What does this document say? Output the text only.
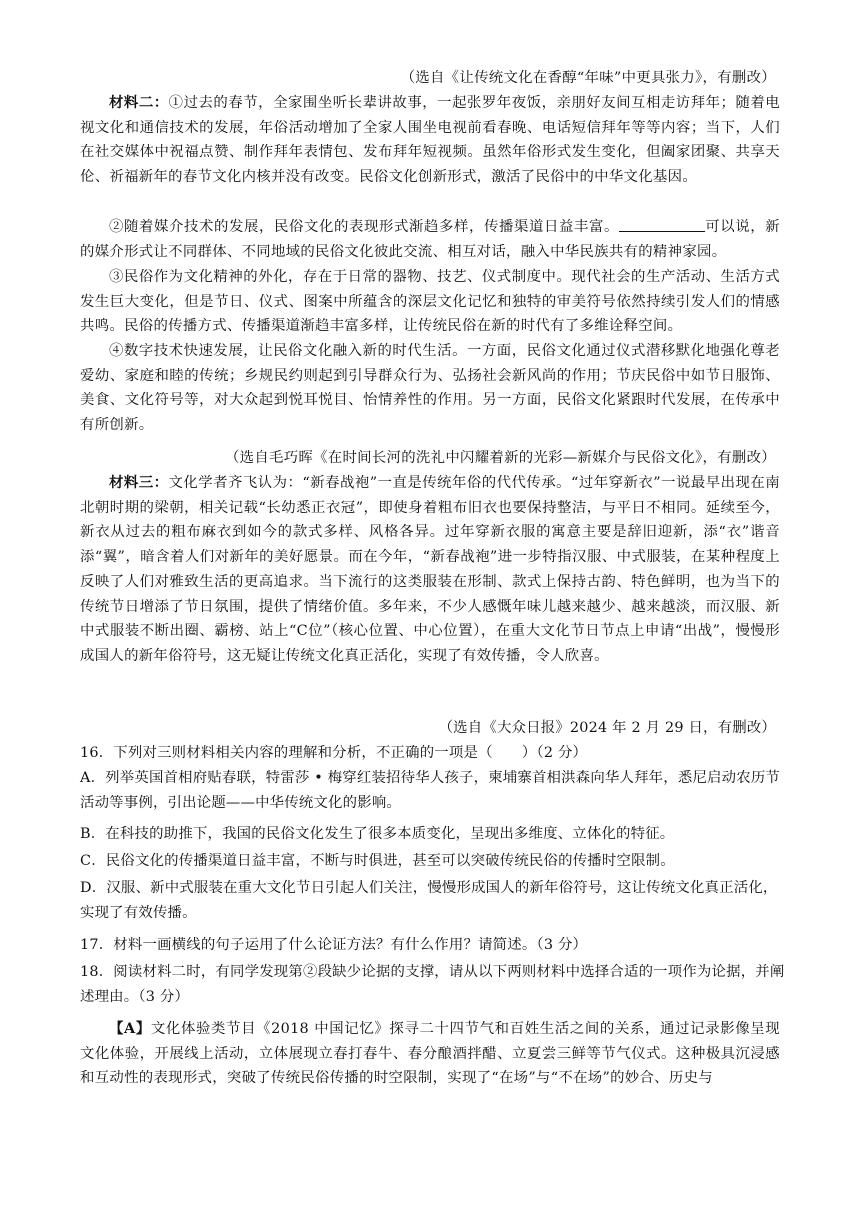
（选自《让传统文化在香醇“年味”中更具张力》，有删改）

材料二：①过去的春节，全家围坐听长辈讲故事，一起张罗年夜饭，亲朋好友间互相走访拜年；随着电视文化和通信技术的发展，年俗活动增加了全家人围坐电视前看春晚、电话短信拜年等等内容；当下，人们在社交媒体中祝福点赞、制作拜年表情包、发布拜年短视频。虽然年俗形式发生变化，但阖家团聚、共享天伦、祈福新年的春节文化内核并没有改变。民俗文化创新形式，激活了民俗中的中华文化基因。

②随着媒介技术的发展，民俗文化的表现形式渐趋多样，传播渠道日益丰富。	可以说，新的媒介形式让不同群体、不同地域的民俗文化彼此交流、相互对话，融入中华民族共有的精神家园。

③民俗作为文化精神的外化，存在于日常的器物、技艺、仪式制度中。现代社会的生产活动、生活方式发生巨大变化，但是节日、仪式、图案中所蕴含的深层文化记忆和独特的审美符号依然持续引发人们的情感共鸣。民俗的传播方式、传播渠道渐趋丰富多样，让传统民俗在新的时代有了多维诠释空间。

④数字技术快速发展，让民俗文化融入新的时代生活。一方面，民俗文化通过仪式潜移默化地强化尊老爱幼、家庭和睦的传统；乡规民约则起到引导群众行为、弘扬社会新风尚的作用；节庆民俗中如节日服饰、美食、文化符号等，对大众起到悦耳悦目、怡情养性的作用。另一方面，民俗文化紧跟时代发展，在传承中有所创新。

（选自毛巧晖《在时间长河的洗礼中闪耀着新的光彩—新媒介与民俗文化》，有删改）

材料三：文化学者齐飞认为：“新春战袍”一直是传统年俗的代代传承。“过年穿新衣”一说最早出现在南北朝时期的梁朝，相关记载“长幼悉正衣冠”，即使身着粗布旧衣也要保持整洁，与平日不相同。延续至今，新衣从过去的粗布麻衣到如今的款式多样、风格各异。过年穿新衣服的寓意主要是辞旧迎新，添“衣”谐音添“翼”，暗含着人们对新年的美好愿景。而在今年，“新春战袍”进一步特指汉服、中式服装，在某种程度上反映了人们对雅致生活的更高追求。当下流行的这类服装在形制、款式上保持古韵、特色鲜明，也为当下的传统节日增添了节日氛围，提供了情绪价值。多年来，不少人感慨年味儿越来越少、越来越淡，而汉服、新中式服装不断出圈、霸榜、站上“C位”（核心位置、中心位置），在重大文化节日节点上申请“出战”，慢慢形成国人的新年俗符号，这无疑让传统文化真正活化，实现了有效传播，令人欣喜。

（选自《大众日报》2024 年 2 月 29 日，有删改）

16．下列对三则材料相关内容的理解和分析，不正确的一项是（　　）（2 分）

A．列举英国首相府贴春联，特雷莎 • 梅穿红装招待华人孩子，柬埔寨首相洪森向华人拜年，悉尼启动农历节活动等事例，引出论题——中华传统文化的影响。

B．在科技的助推下，我国的民俗文化发生了很多本质变化，呈现出多维度、立体化的特征。

C．民俗文化的传播渠道日益丰富，不断与时俱进，甚至可以突破传统民俗的传播时空限制。

D．汉服、新中式服装在重大文化节日引起人们关注，慢慢形成国人的新年俗符号，这让传统文化真正活化，实现了有效传播。

17．材料一画横线的句子运用了什么论证方法？有什么作用？请简述。（3 分）

18．阅读材料二时，有同学发现第②段缺少论据的支撑，请从以下两则材料中选择合适的一项作为论据，并阐述理由。（3 分）

【A】文化体验类节目《2018 中国记忆》探寻二十四节气和百姓生活之间的关系，通过记录影像呈现文化体验，开展线上活动，立体展现立春打春牛、春分酿酒拌醋、立夏尝三鲜等节气仪式。这种极具沉浸感和互动性的表现形式，突破了传统民俗传播的时空限制，实现了“在场”与“不在场”的妙合、历史与
